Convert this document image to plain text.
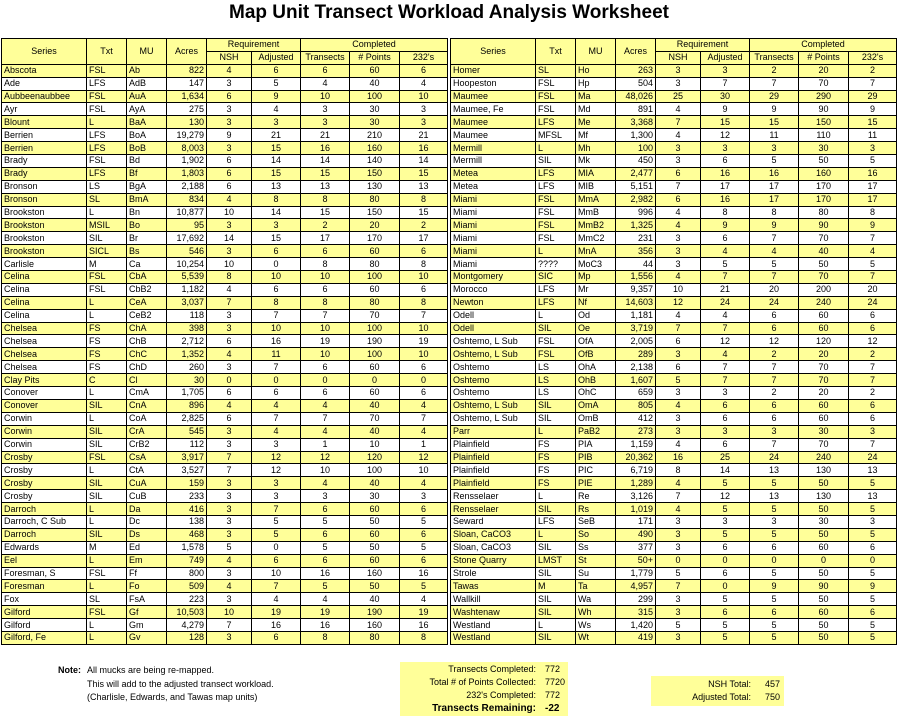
Map Unit Transect Workload Analysis Worksheet
Series	Txt	MU	Acres	Requirement		Completed		
				NSH	Adjusted	Transects	# Points	232's
Abscota	FSL	Ab	822	4	6	6	60	6
Ade	LFS	AdB	147	3	5	4	40	4
Aubbeenaubbee	FSL	AuA	1,634	6	9	10	100	10
Ayr	FSL	AyA	275	3	4	3	30	3
Blount	L	BaA	130	3	3	3	30	3
Berrien	LFS	BoA	19,279	9	21	21	210	21
Berrien	LFS	BoB	8,003	3	15	16	160	16
Brady	FSL	Bd	1,902	6	14	14	140	14
Brady	LFS	Bf	1,803	6	15	15	150	15
Bronson	LS	BgA	2,188	6	13	13	130	13
Bronson	SL	BmA	834	4	8	8	80	8
Brookston	L	Bn	10,877	10	14	15	150	15
Brookston	MSIL	Bo	95	3	3	2	20	2
Brookston	SIL	Br	17,692	14	15	17	170	17
Brookston	SICL	Bs	546	3	6	6	60	6
Carlisle	M	Ca	10,254	10	0	8	80	8
Celina	FSL	CbA	5,539	8	10	10	100	10
Celina	FSL	CbB2	1,182	4	6	6	60	6
Celina	L	CeA	3,037	7	8	8	80	8
Celina	L	CeB2	118	3	7	7	70	7
Chelsea	FS	ChA	398	3	10	10	100	10
Chelsea	FS	ChB	2,712	6	16	19	190	19
Chelsea	FS	ChC	1,352	4	11	10	100	10
Chelsea	FS	ChD	260	3	7	6	60	6
Clay Pits	C	Cl	30	0	0	0	0	0
Conover	L	CmA	1,705	6	6	6	60	6
Conover	SIL	CnA	896	4	4	4	40	4
Corwin	L	CoA	2,825	6	7	7	70	7
Corwin	SIL	CrA	545	3	4	4	40	4
Corwin	SIL	CrB2	112	3	3	1	10	1
Crosby	FSL	CsA	3,917	7	12	12	120	12
Crosby	L	CtA	3,527	7	12	10	100	10
Crosby	SIL	CuA	159	3	3	4	40	4
Crosby	SIL	CuB	233	3	3	3	30	3
Darroch	L	Da	416	3	7	6	60	6
Darroch, C Sub	L	Dc	138	3	5	5	50	5
Darroch	SIL	Ds	468	3	5	6	60	6
Edwards	M	Ed	1,578	5	0	5	50	5
Eel	L	Em	749	4	6	6	60	6
Foresman, S	FSL	Ff	800	3	10	16	160	16
Foresman	L	Fo	509	4	7	5	50	5
Fox	SL	FsA	223	3	4	4	40	4
Gilford	FSL	Gf	10,503	10	19	19	190	19
Gilford	L	Gm	4,279	7	16	16	160	16
Gilford, Fe	L	Gv	128	3	6	8	80	8
Series	Txt	MU	Acres	Requirement		Completed		
				NSH	Adjusted	Transects	# Points	232's
Homer	SL	Ho	263	3	3	2	20	2
Hoopeston	FSL	Hp	504	3	7	7	70	7
Maumee	FSL	Ma	48,026	25	30	29	290	29
Maumee, Fe	FSL	Md	891	4	9	9	90	9
Maumee	LFS	Me	3,368	7	15	15	150	15
Maumee	MFSL	Mf	1,300	4	12	11	110	11
Mermill	L	Mh	100	3	3	3	30	3
Mermill	SIL	Mk	450	3	6	5	50	5
Metea	LFS	MIA	2,477	6	16	16	160	16
Metea	LFS	MIB	5,151	7	17	17	170	17
Miami	FSL	MmA	2,982	6	16	17	170	17
Miami	FSL	MmB	996	4	8	8	80	8
Miami	FSL	MmB2	1,325	4	9	9	90	9
Miami	FSL	MmC2	231	3	6	7	70	7
Miami	L	MnA	356	3	4	4	40	4
Miami	????	MoC3	44	3	5	5	50	5
Montgomery	SIC	Mp	1,556	4	7	7	70	7
Morocco	LFS	Mr	9,357	10	21	20	200	20
Newton	LFS	Nf	14,603	12	24	24	240	24
Odell	L	Od	1,181	4	4	6	60	6
Odell	SIL	Oe	3,719	7	7	6	60	6
Oshtemo, L Sub	FSL	OfA	2,005	6	12	12	120	12
Oshtemo, L Sub	FSL	OfB	289	3	4	2	20	2
Oshtemo	LS	OhA	2,138	6	7	7	70	7
Oshtemo	LS	OhB	1,607	5	7	7	70	7
Oshtemo	LS	OhC	659	3	3	2	20	2
Oshtemo, L Sub	SIL	OmA	805	4	6	6	60	6
Oshtemo, L Sub	SIL	OmB	412	3	6	6	60	6
Parr	L	PaB2	273	3	3	3	30	3
Plainfield	FS	PIA	1,159	4	6	7	70	7
Plainfield	FS	PIB	20,362	16	25	24	240	24
Plainfield	FS	PIC	6,719	8	14	13	130	13
Plainfield	FS	PIE	1,289	4	5	5	50	5
Rensselaer	L	Re	3,126	7	12	13	130	13
Rensselaer	SIL	Rs	1,019	4	5	5	50	5
Seward	LFS	SeB	171	3	3	3	30	3
Sloan, CaCO3	L	So	490	3	5	5	50	5
Sloan, CaCO3	SIL	Ss	377	3	6	6	60	6
Stone Quarry	LMST	St	50+	0	0	0	0	0
Strole	SIL	Su	1,779	5	6	5	50	5
Tawas	M	Ta	4,957	7	0	9	90	9
Wallkill	SIL	Wa	299	3	5	5	50	5
Washtenaw	SIL	Wh	315	3	6	6	60	6
Westland	L	Ws	1,420	5	5	5	50	5
Westland	SIL	Wt	419	3	5	5	50	5
Note: All mucks are being re-mapped.
This will add to the adjusted transect workload.
(Charlisle, Edwards, and Tawas map units)
Transects Completed: 772
Total # of Points Collected: 7720
232's Completed: 772
Transects Remaining: -22
NSH Total: 457
Adjusted Total: 750
